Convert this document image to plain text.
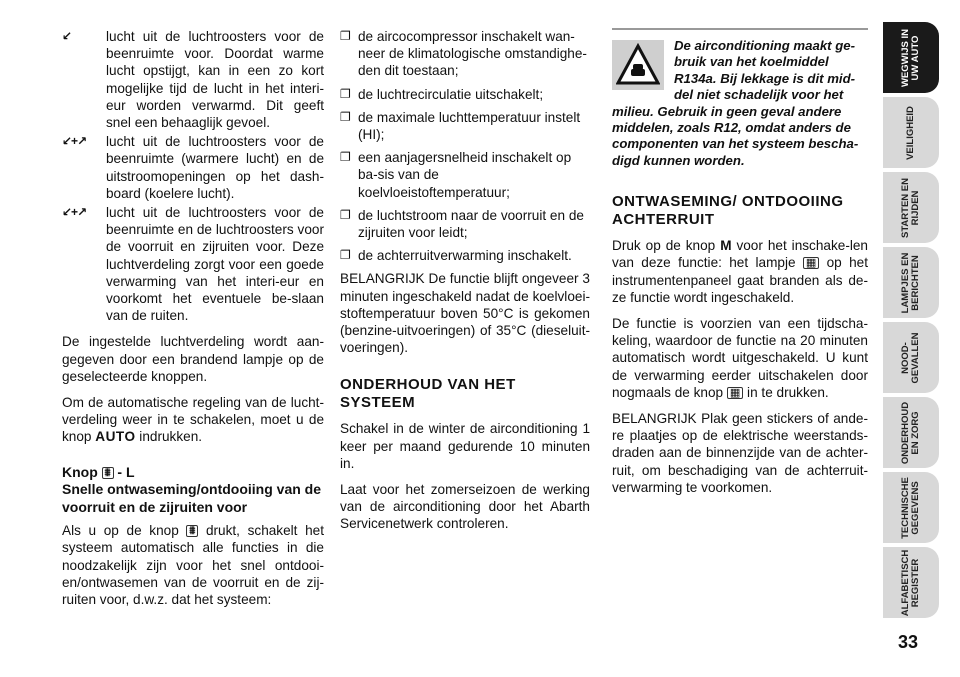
↙	lucht uit de luchtroosters voor de beenruimte voor. Doordat warme lucht opstijgt, kan in een zo kort mogelijke tijd de lucht in het interi-eur worden verwarmd. Dit geeft snel een behaaglijk gevoel.
↙+↗ lucht uit de luchtroosters voor de beenruimte (warmere lucht) en de uitstroomopeningen op het dash-board (koelere lucht).
↙+↗ lucht uit de luchtroosters voor de beenruimte en de luchtroosters voor de voorruit en zijruiten voor. Deze luchtverdeling zorgt voor een goede verwarming van het interi-eur en voorkomt het eventuele be-slaan van de ruiten.

De ingestelde luchtverdeling wordt aan-gegeven door een brandend lampje op de geselecteerde knoppen.

Om de automatische regeling van de lucht-verdeling weer in te schakelen, moet u de knop AUTO indrukken.

Knop ⩩ - L
Snelle ontwaseming/ontdooiing van de voorruit en de zijruiten voor

Als u op de knop ⩩ drukt, schakelt het systeem automatisch alle functies in die noodzakelijk zijn voor het snel ontdooi-en/ontwasemen van de voorruit en de zij-ruiten voor, d.w.z. dat het systeem:

❐ de aircocompressor inschakelt wan-neer de klimatologische omstandighe-den dit toestaan;
❐ de luchtrecirculatie uitschakelt;
❐ de maximale luchttemperatuur instelt (HI);
❐ een aanjagersnelheid inschakelt op ba-sis van de koelvloeistoftemperatuur;
❐ de luchtstroom naar de voorruit en de zijruiten voor leidt;
❐ de achterruitverwarming inschakelt.

BELANGRIJK De functie blijft ongeveer 3 minuten ingeschakeld nadat de koelvloei-stoftemperatuur boven 50°C is gekomen (benzine-uitvoeringen) of 35°C (dieseluit-voeringen).

ONDERHOUD VAN HET SYSTEEM

Schakel in de winter de airconditioning 1 keer per maand gedurende 10 minuten in.

Laat voor het zomerseizoen de werking van de airconditioning door het Abarth Servicenetwerk controleren.

De airconditioning maakt ge-bruik van het koelmiddel R134a. Bij lekkage is dit mid-del niet schadelijk voor het milieu. Gebruik in geen geval andere middelen, zoals R12, omdat anders de componenten van het systeem bescha-digd kunnen worden.
ONTWASEMING/ ONTDOOIING ACHTERRUIT

Druk op de knop M voor het inschake-len van deze functie: het lampje ▦ op het instrumentenpaneel gaat branden als de-ze functie wordt ingeschakeld.

De functie is voorzien van een tijdscha-keling, waardoor de functie na 20 minuten automatisch wordt uitgeschakeld. U kunt de verwarming eerder uitschakelen door nogmaals de knop ▦ in te drukken.

BELANGRIJK Plak geen stickers of ande-re plaatjes op de elektrische weerstands-draden aan de binnenzijde van de achter-ruit, om beschadiging van de achterruit-verwarming te voorkomen.

WEGWIJS IN
UW AUTO
VEILIGHEID
STARTEN EN
RIJDEN
LAMPJES EN
BERICHTEN
NOOD-
GEVALLEN
ONDERHOUD
EN ZORG
TECHNISCHE
GEGEVENS
ALFABETISCH
REGISTER
33
